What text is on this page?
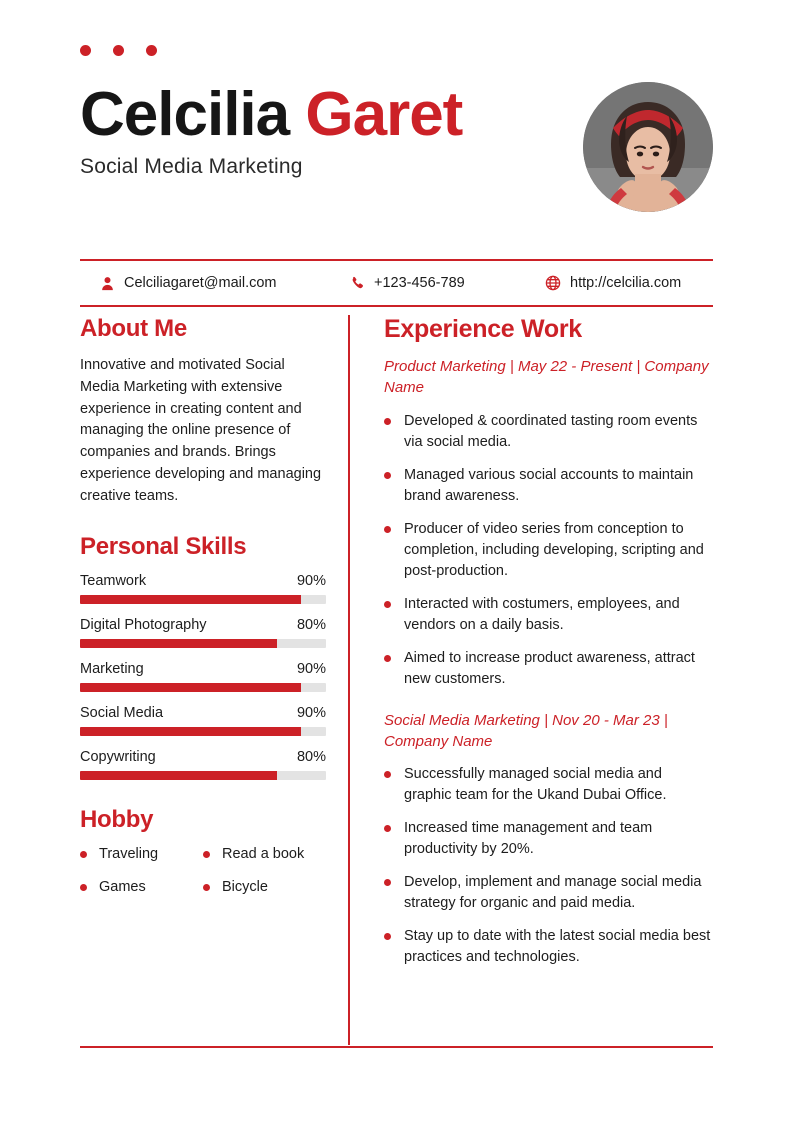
Celcilia Garet
Social Media Marketing
Celciliagaret@mail.com	+123-456-789	http://celcilia.com
About Me

Innovative and motivated Social Media Marketing with extensive experience in creating content and managing the online presence of companies and brands. Brings experience developing and managing creative teams.

Personal Skills
Teamwork	90%
Digital Photography	80%
Marketing	90%
Social Media	90%
Copywriting	80%
Hobby
Traveling	Read a book
Games	Bicycle
Experience Work
Product Marketing | May 22 - Present | Company Name
Developed & coordinated tasting room events via social media.
Managed various social accounts to maintain brand awareness.
Producer of video series from conception to completion, including developing, scripting and post-production.
Interacted with costumers, employees, and vendors on a daily basis.
Aimed to increase product awareness, attract new customers.
Social Media Marketing | Nov 20 - Mar 23 | Company Name
Successfully managed social media and graphic team for the Ukand Dubai Office.
Increased time management and team productivity by 20%.
Develop, implement and manage social media strategy for organic and paid media.
Stay up to date with the latest social media best practices and technologies.
